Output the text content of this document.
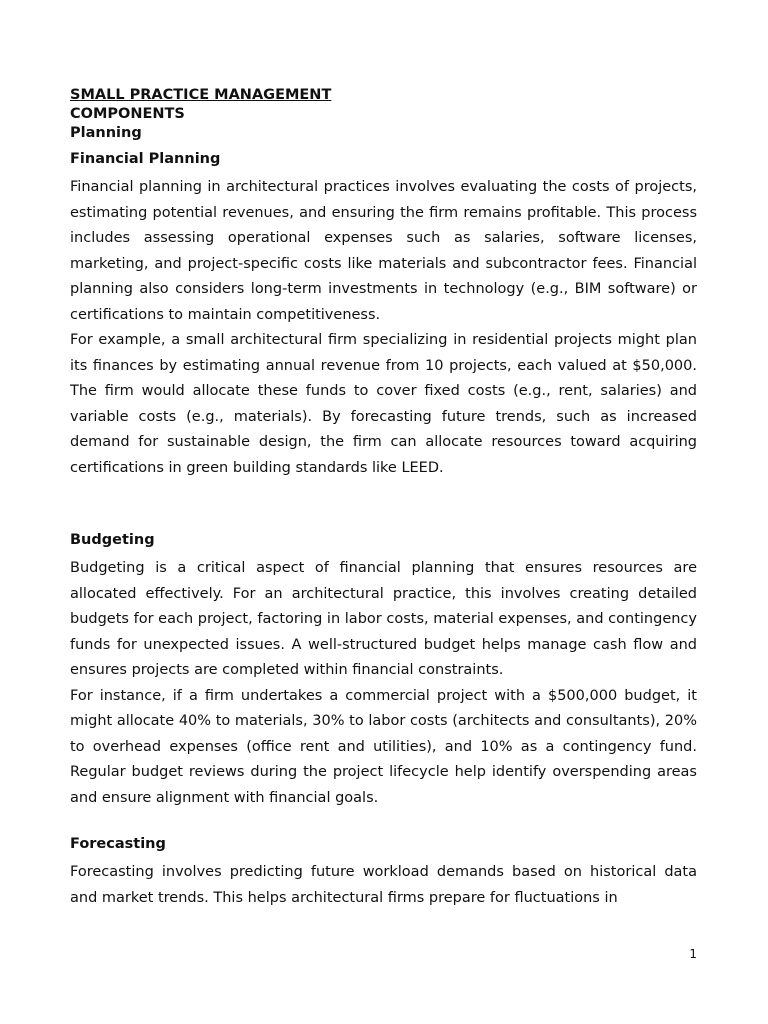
SMALL PRACTICE MANAGEMENT
COMPONENTS
Planning
Financial Planning

Financial planning in architectural practices involves evaluating the costs of projects, estimating potential revenues, and ensuring the firm remains profitable. This process includes assessing operational expenses such as salaries, software licenses, marketing, and project-specific costs like materials and subcontractor fees. Financial planning also considers long-term investments in technology (e.g., BIM software) or certifications to maintain competitiveness.

For example, a small architectural firm specializing in residential projects might plan its finances by estimating annual revenue from 10 projects, each valued at $50,000. The firm would allocate these funds to cover fixed costs (e.g., rent, salaries) and variable costs (e.g., materials). By forecasting future trends, such as increased demand for sustainable design, the firm can allocate resources toward acquiring certifications in green building standards like LEED.

Budgeting

Budgeting is a critical aspect of financial planning that ensures resources are allocated effectively. For an architectural practice, this involves creating detailed budgets for each project, factoring in labor costs, material expenses, and contingency funds for unexpected issues. A well-structured budget helps manage cash flow and ensures projects are completed within financial constraints.

For instance, if a firm undertakes a commercial project with a $500,000 budget, it might allocate 40% to materials, 30% to labor costs (architects and consultants), 20% to overhead expenses (office rent and utilities), and 10% as a contingency fund. Regular budget reviews during the project lifecycle help identify overspending areas and ensure alignment with financial goals.

Forecasting

Forecasting involves predicting future workload demands based on historical data and market trends. This helps architectural firms prepare for fluctuations in

1
